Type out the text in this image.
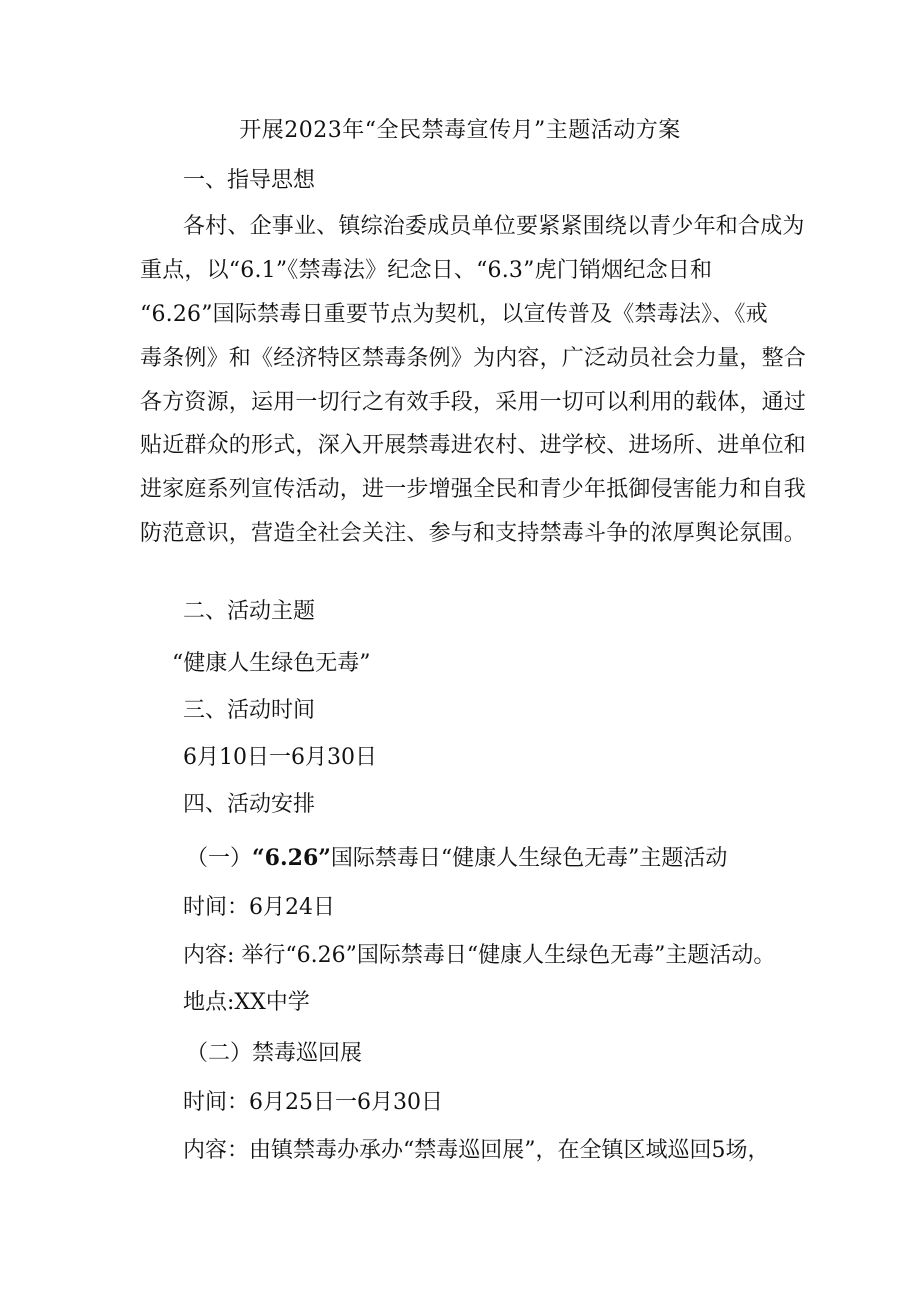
开展2023年“全民禁毒宣传月”主题活动方案
一、指导思想
各村、企事业、镇综治委成员单位要紧紧围绕以青少年和合成为
重点，以“6.1”《禁毒法》纪念日、“6.3”虎门销烟纪念日和
“6.26”国际禁毒日重要节点为契机，以宣传普及《禁毒法》、《戒
毒条例》和《经济特区禁毒条例》为内容，广泛动员社会力量，整合
各方资源，运用一切行之有效手段，采用一切可以利用的载体，通过
贴近群众的形式，深入开展禁毒进农村、进学校、进场所、进单位和
进家庭系列宣传活动，进一步增强全民和青少年抵御侵害能力和自我
防范意识，营造全社会关注、参与和支持禁毒斗争的浓厚舆论氛围。
二、活动主题
“健康人生绿色无毒”
三、活动时间
6月10日一6月30日
四、活动安排
（一）“6.26”国际禁毒日“健康人生绿色无毒”主题活动
时间：6月24日
内容: 举行“6.26”国际禁毒日“健康人生绿色无毒”主题活动。
地点:XX中学
（二）禁毒巡回展
时间：6月25日一6月30日
内容：由镇禁毒办承办“禁毒巡回展”，在全镇区域巡回5场，
